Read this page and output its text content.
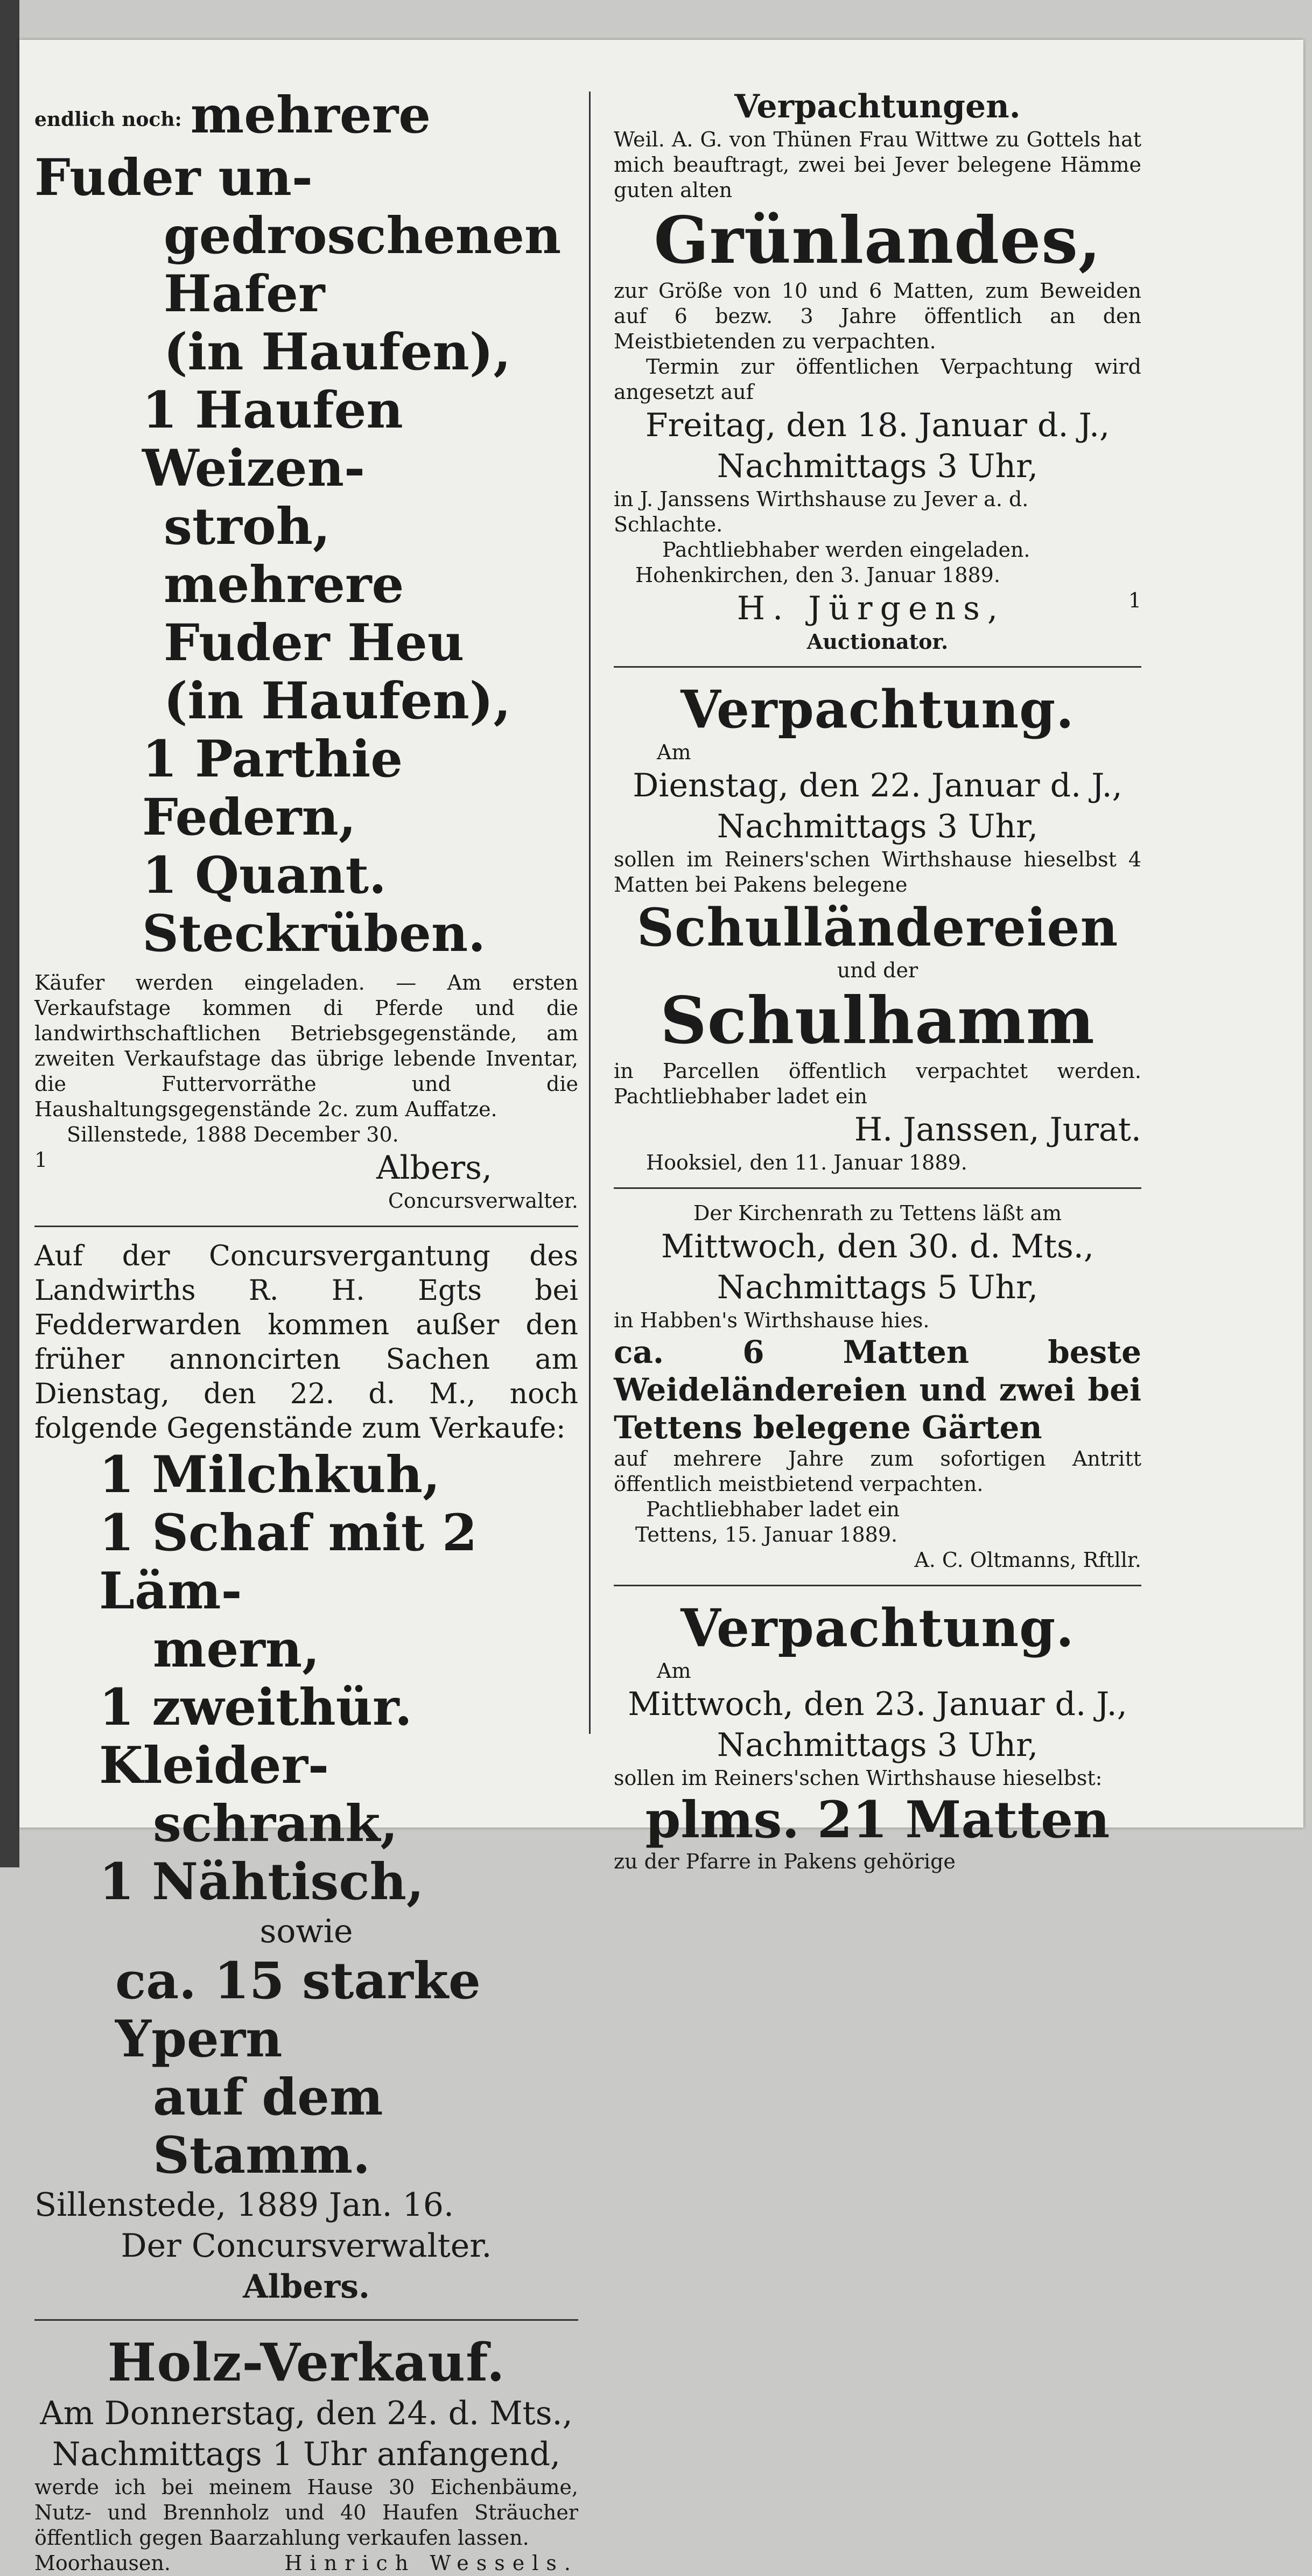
endlich noch: mehrere Fuder un-
gedroschenen Hafer
(in Haufen),
1 Haufen Weizen-
stroh,
mehrere Fuder Heu
(in Haufen),
1 Parthie Federn,
1 Quant. Steckrüben.

Käufer werden eingeladen. — Am ersten Verkaufstage kommen di Pferde und die landwirthschaftlichen Betriebsgegenstände, am zweiten Verkaufstage das übrige lebende Inventar, die Futtervorräthe und die Haushaltungsgegenstände 2c. zum Auffatze.

Sillenstede, 1888 December 30.

1	Albers,

Concursverwalter.

Auf der Concursvergantung des Landwirths R. H. Egts bei Fedderwarden kommen außer den früher annoncirten Sachen am Dienstag, den 22. d. M., noch folgende Gegenstände zum Verkaufe:

1 Milchkuh,
1 Schaf mit 2 Läm-
mern,
1 zweithür. Kleider-
schrank,
1 Nähtisch,
sowie
ca. 15 starke Ypern
auf dem Stamm.

Sillenstede, 1889 Jan. 16.

Der Concursverwalter.

Albers.

Holz-Verkauf.

Am Donnerstag, den 24. d. Mts.,

Nachmittags 1 Uhr anfangend,

werde ich bei meinem Hause 30 Eichenbäume, Nutz- und Brennholz und 40 Haufen Sträucher öffentlich gegen Baarzahlung verkaufen lassen.

Moorhausen.	Hinrich Wessels.

Verpachtungen.

Weil. A. G. von Thünen Frau Wittwe zu Gottels hat mich beauftragt, zwei bei Jever belegene Hämme guten alten

Grünlandes,

zur Größe von 10 und 6 Matten, zum Beweiden auf 6 bezw. 3 Jahre öffentlich an den Meistbietenden zu verpachten.

Termin zur öffentlichen Verpachtung wird angesetzt auf

Freitag, den 18. Januar d. J.,

Nachmittags 3 Uhr,

in J. Janssens Wirthshause zu Jever a. d. Schlachte.

Pachtliebhaber werden eingeladen.

Hohenkirchen, den 3. Januar 1889.

H. Jürgens,	1

Auctionator.

Verpachtung.

Am

Dienstag, den 22. Januar d. J.,

Nachmittags 3 Uhr,

sollen im Reiners'schen Wirthshause hieselbst 4 Matten bei Pakens belegene

Schulländereien

und der

Schulhamm

in Parcellen öffentlich verpachtet werden. Pachtliebhaber ladet ein

H. Janssen, Jurat.

Hooksiel, den 11. Januar 1889.

Der Kirchenrath zu Tettens läßt am

Mittwoch, den 30. d. Mts.,

Nachmittags 5 Uhr,

in Habben's Wirthshause hies.

ca. 6 Matten beste Weideländereien und zwei bei Tettens belegene Gärten

auf mehrere Jahre zum sofortigen Antritt öffentlich meistbietend verpachten.

Pachtliebhaber ladet ein

Tettens, 15. Januar 1889.

A. C. Oltmanns, Rftllr.

Verpachtung.

Am

Mittwoch, den 23. Januar d. J.,

Nachmittags 3 Uhr,

sollen im Reiners'schen Wirthshause hieselbst:

plms. 21 Matten

zu der Pfarre in Pakens gehörige
